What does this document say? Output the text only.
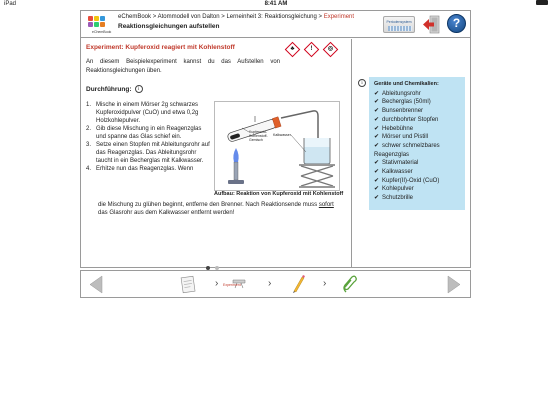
iPad	8:41 AM
eChemBook
eChemBook > Atommodell von Dalton > Lerneinheit 3: Reaktionsgleichung > Experiment
Reaktionsgleichungen aufstellen
Periodensystem	?
Experiment: Kupferoxid reagiert mit Kohlenstoff	♣	!	◎
An diesem Beispielexperiment kannst du das Aufstellen von Reaktionsgleichungen üben.
Durchführung:	i
1. Mische in einem Mörser 2g schwarzes Kupferoxidpulver (CuO) und etwa 0,2g Holzkohlepulver.
2. Gib diese Mischung in ein Reagenzglas und spanne das Glas schief ein.
3. Setze einen Stopfen mit Ableitungsrohr auf das Reagenzglas. Das Ableitungsrohr taucht in ein Becherglas mit Kalkwasser.
4. Erhitze nun das Reagenzglas. Wenn
die Mischung zu glühen beginnt, entferne den Brenner. Nach Reaktionsende muss sofort
das Glasrohr aus dem Kalkwasser entfernt werden!
Kupferoxid-
Kohlenstoff-
Gemisch
Kalkwasser
Aufbau: Reaktion von Kupferoxid mit Kohlenstoff
i	Geräte und Chemikalien:
✔ Ableitungsrohr
✔ Becherglas (50ml)
✔ Bunsenbrenner
✔ durchbohrter Stopfen
✔ Hebebühne
✔ Mörser und Pistill
✔ schwer schmelzbares
Reagenzglas
✔ Stativmaterial
✔ Kalkwasser
✔ Kupfer(II)-Oxid (CuO)
✔ Kohlepulver
✔ Schutzbrille
› Experiment	›	›
